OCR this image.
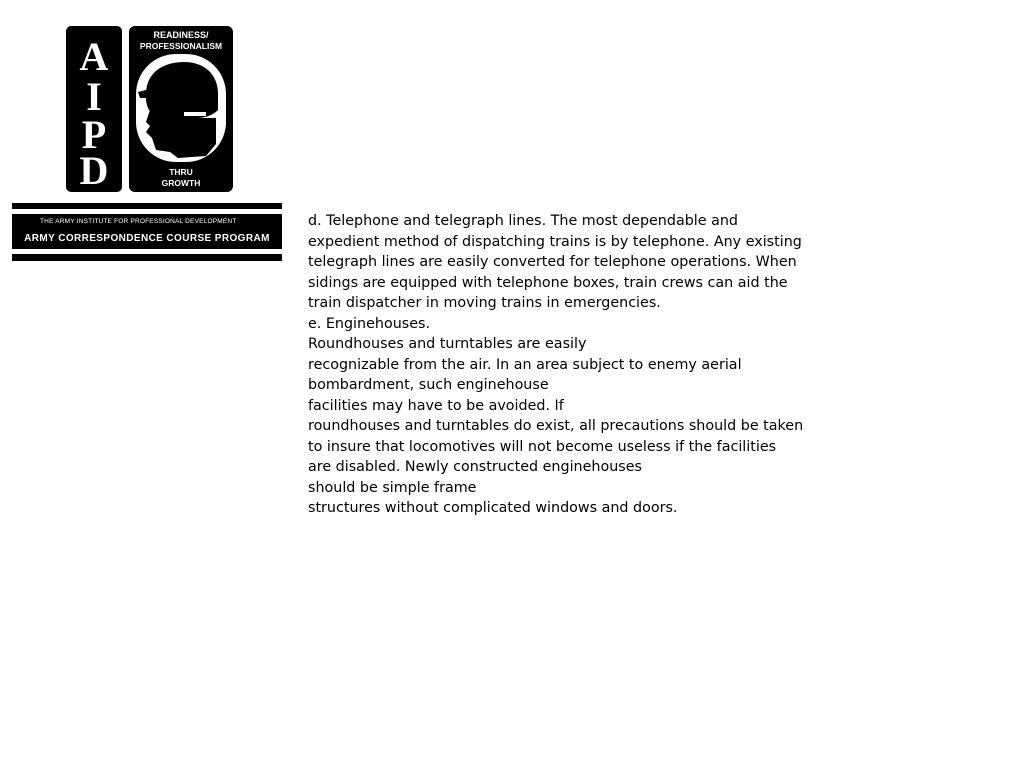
A
I
P
D
READINESS/
PROFESSIONALISM
THRU
GROWTH
THE ARMY INSTITUTE FOR PROFESSIONAL DEVELOPMENT
ARMY CORRESPONDENCE COURSE PROGRAM
d. Telephone and telegraph lines. The most dependable and
expedient method of dispatching trains is by telephone. Any existing
telegraph lines are easily converted for telephone operations. When
sidings are equipped with telephone boxes, train crews can aid the
train dispatcher in moving trains in emergencies.
e. Enginehouses.
Roundhouses and turntables are easily
recognizable from the air. In an area subject to enemy aerial
bombardment, such enginehouse
facilities may have to be avoided. If
roundhouses and turntables do exist, all precautions should be taken
to insure that locomotives will not become useless if the facilities
are disabled. Newly constructed enginehouses
should be simple frame
structures without complicated windows and doors.
